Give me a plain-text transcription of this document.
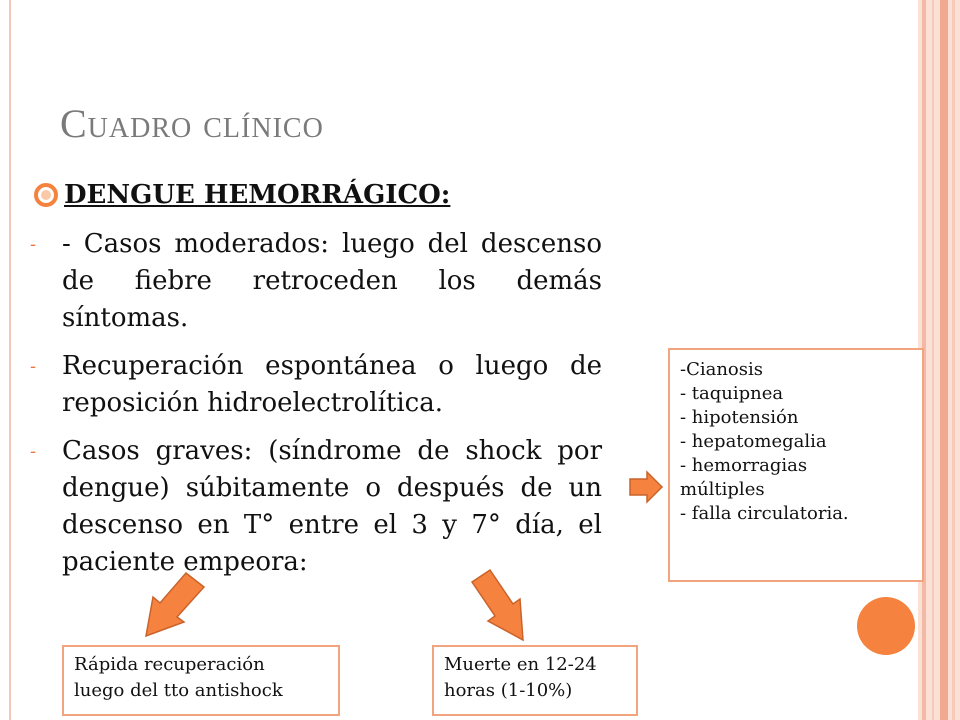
Cuadro clínico
DENGUE HEMORRÁGICO:
- - Casos moderados: luego del descenso de fiebre retroceden los demás síntomas.
- Recuperación espontánea o luego de reposición hidroelectrolítica.
- Casos graves: (síndrome de shock por dengue) súbitamente o después de un descenso en T° entre el 3 y 7° día, el paciente empeora:
-Cianosis
- taquipnea
- hipotensión
- hepatomegalia
- hemorragias
múltiples
- falla circulatoria.
Rápida recuperación
luego del tto antishock
Muerte en 12-24
horas (1-10%)
